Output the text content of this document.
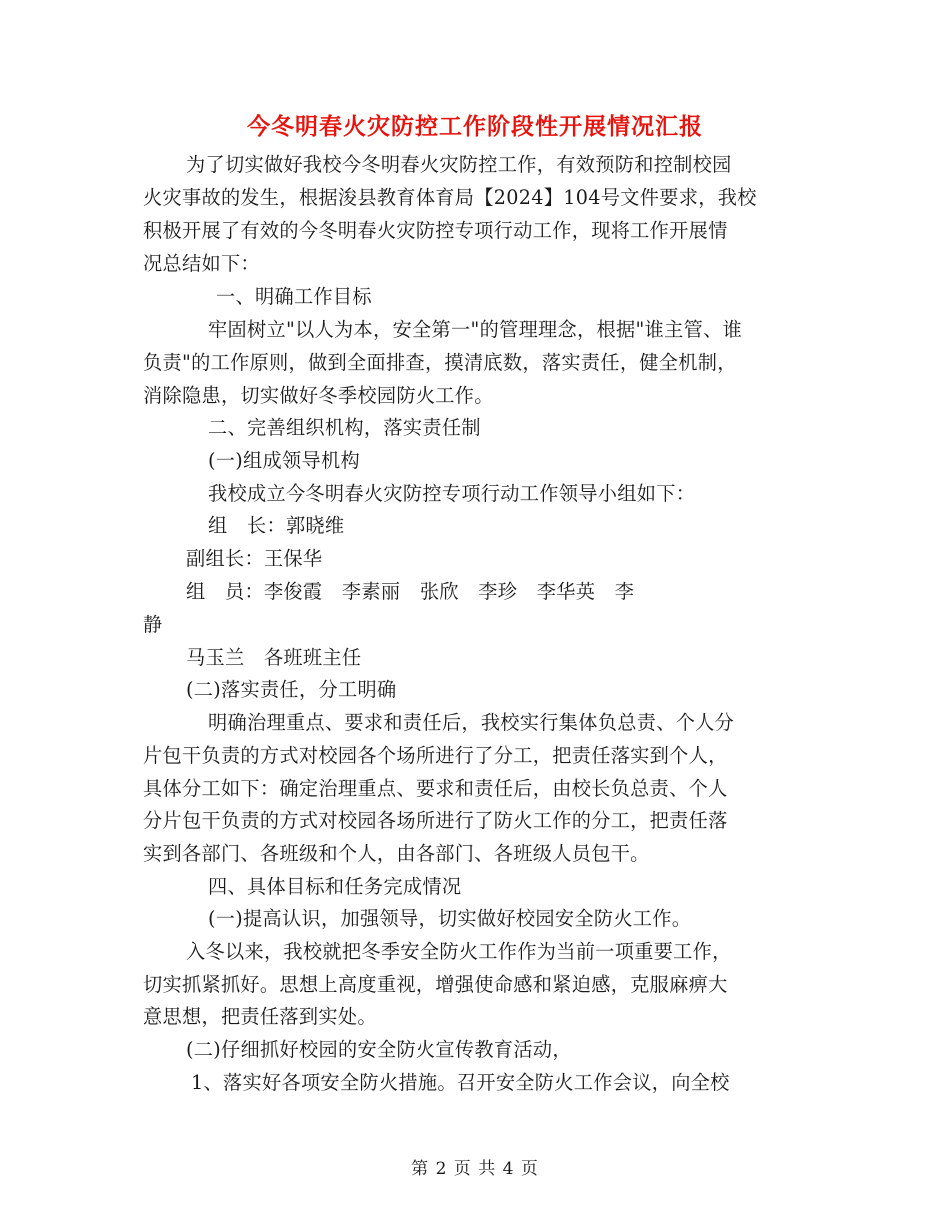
今冬明春火灾防控工作阶段性开展情况汇报
为了切实做好我校今冬明春火灾防控工作，有效预防和控制校园
火灾事故的发生，根据浚县教育体育局【2024】104号文件要求，我校
积极开展了有效的今冬明春火灾防控专项行动工作，现将工作开展情
况总结如下：
一、明确工作目标
牢固树立"以人为本，安全第一"的管理理念，根据"谁主管、谁
负责"的工作原则，做到全面排查，摸清底数，落实责任，健全机制，
消除隐患，切实做好冬季校园防火工作。
二、完善组织机构，落实责任制
(一)组成领导机构
我校成立今冬明春火灾防控专项行动工作领导小组如下：
组　长：郭晓维
副组长：王保华
组　员：李俊霞　李素丽　张欣　李珍　李华英　李
静
马玉兰　各班班主任
(二)落实责任，分工明确
明确治理重点、要求和责任后，我校实行集体负总责、个人分
片包干负责的方式对校园各个场所进行了分工，把责任落实到个人，
具体分工如下：确定治理重点、要求和责任后，由校长负总责、个人
分片包干负责的方式对校园各场所进行了防火工作的分工，把责任落
实到各部门、各班级和个人，由各部门、各班级人员包干。
四、具体目标和任务完成情况
(一)提高认识，加强领导，切实做好校园安全防火工作。
入冬以来，我校就把冬季安全防火工作作为当前一项重要工作，
切实抓紧抓好。思想上高度重视，增强使命感和紧迫感，克服麻痹大
意思想，把责任落到实处。
(二)仔细抓好校园的安全防火宣传教育活动，
1、落实好各项安全防火措施。召开安全防火工作会议，向全校
第 2 页 共 4 页
